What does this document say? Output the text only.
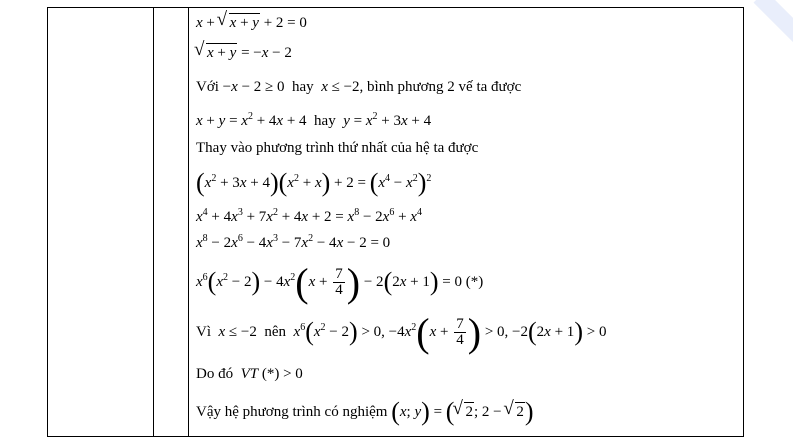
x + √ x + y + 2 = 0
√ x + y = −x − 2
Với −x − 2 ≥ 0  hay  x ≤ −2, bình phương 2 vế ta được
$x + y = x^2 + 4x + 4$  hay  $y = x^2 + 3x + 4$
Thay vào phương trình thứ nhất của hệ ta được
$(x^2 + 3x + 4)(x^2 + x) + 2 = (x^4 - x^2)^2$
$x^4 + 4x^3 + 7x^2 + 4x + 2 = x^8 - 2x^6 + x^4$
$x^8 - 2x^6 - 4x^3 - 7x^2 - 4x - 2 = 0$
$x^6(x^2 - 2) - 4x^2(x + \frac{7}{4}$ ) − 2(2x + 1) = 0 (*)
Vì  x ≤ −2  nên  $x^6(x^2 - 2) > 0$, $-4x^2(x + \frac{7}{4}$ ) > 0, −2(2x + 1) > 0
Do đó  VT (*) > 0
Vậy hệ phương trình có nghiệm (x; y) = (√ 2; 2 − √ 2)
